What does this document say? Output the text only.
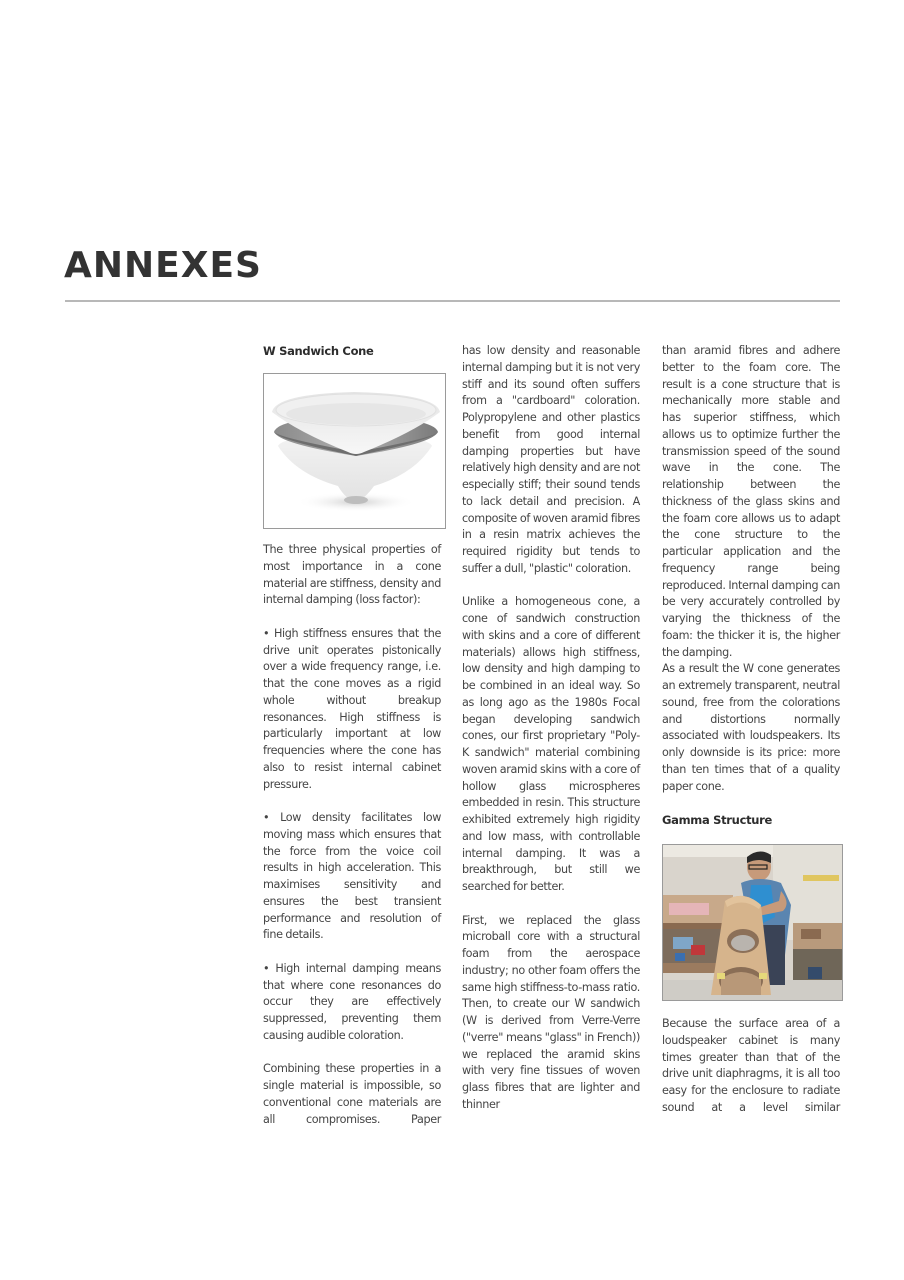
ANNEXES
W Sandwich Cone

The three physical properties of most importance in a cone material are stiffness, density and internal damping (loss factor):

• High stiffness ensures that the drive unit operates pistonically over a wide frequency range, i.e. that the cone moves as a rigid whole without breakup resonances. High stiffness is particularly important at low frequencies where the cone has also to resist internal cabinet pressure.

• Low density facilitates low moving mass which ensures that the force from the voice coil results in high acceleration. This maximises sensitivity and ensures the best transient performance and resolution of fine details.

• High internal damping means that where cone resonances do occur they are effectively suppressed, preventing them causing audible coloration.

Combining these properties in a single material is impossible, so conventional cone materials are all compromises. Paper

has low density and reasonable internal damping but it is not very stiff and its sound often suffers from a "cardboard" coloration. Polypropylene and other plastics benefit from good internal damping properties but have relatively high density and are not especially stiff; their sound tends to lack detail and precision. A composite of woven aramid fibres in a resin matrix achieves the required rigidity but tends to suffer a dull, "plastic" coloration.

Unlike a homogeneous cone, a cone of sandwich construction with skins and a core of different materials) allows high stiffness, low density and high damping to be combined in an ideal way. So as long ago as the 1980s Focal began developing sandwich cones, our first proprietary "Poly-K sandwich" material combining woven aramid skins with a core of hollow glass microspheres embedded in resin. This structure exhibited extremely high rigidity and low mass, with controllable internal damping. It was a breakthrough, but still we searched for better.

First, we replaced the glass microball core with a structural foam from the aerospace industry; no other foam offers the same high stiffness-to-mass ratio. Then, to create our W sandwich (W is derived from Verre-Verre ("verre" means "glass" in French)) we replaced the aramid skins with very fine tissues of woven glass fibres that are lighter and thinner

than aramid fibres and adhere better to the foam core. The result is a cone structure that is mechanically more stable and has superior stiffness, which allows us to optimize further the transmission speed of the sound wave in the cone. The relationship between the thickness of the glass skins and the foam core allows us to adapt the cone structure to the particular application and the frequency range being reproduced. Internal damping can be very accurately controlled by varying the thickness of the foam: the thicker it is, the higher the damping.

As a result the W cone generates an extremely transparent, neutral sound, free from the colorations and distortions normally associated with loudspeakers. Its only downside is its price: more than ten times that of a quality paper cone.

Gamma Structure

Because the surface area of a loudspeaker cabinet is many times greater than that of the drive unit diaphragms, it is all too easy for the enclosure to radiate sound at a level similar
